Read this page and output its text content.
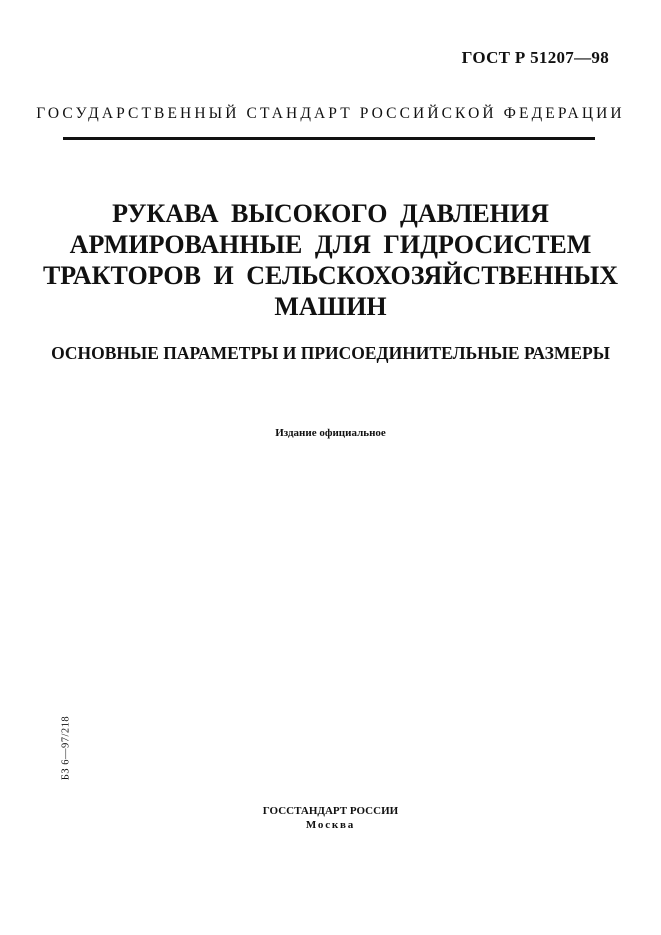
ГОСТ Р 51207—98
ГОСУДАРСТВЕННЫЙ СТАНДАРТ РОССИЙСКОЙ ФЕДЕРАЦИИ
РУКАВА ВЫСОКОГО ДАВЛЕНИЯ
АРМИРОВАННЫЕ ДЛЯ ГИДРОСИСТЕМ
ТРАКТОРОВ И СЕЛЬСКОХОЗЯЙСТВЕННЫХ
МАШИН
ОСНОВНЫЕ ПАРАМЕТРЫ И ПРИСОЕДИНИТЕЛЬНЫЕ РАЗМЕРЫ
Издание официальное
БЗ 6—97/218
ГОССТАНДАРТ РОССИИ
Москва
